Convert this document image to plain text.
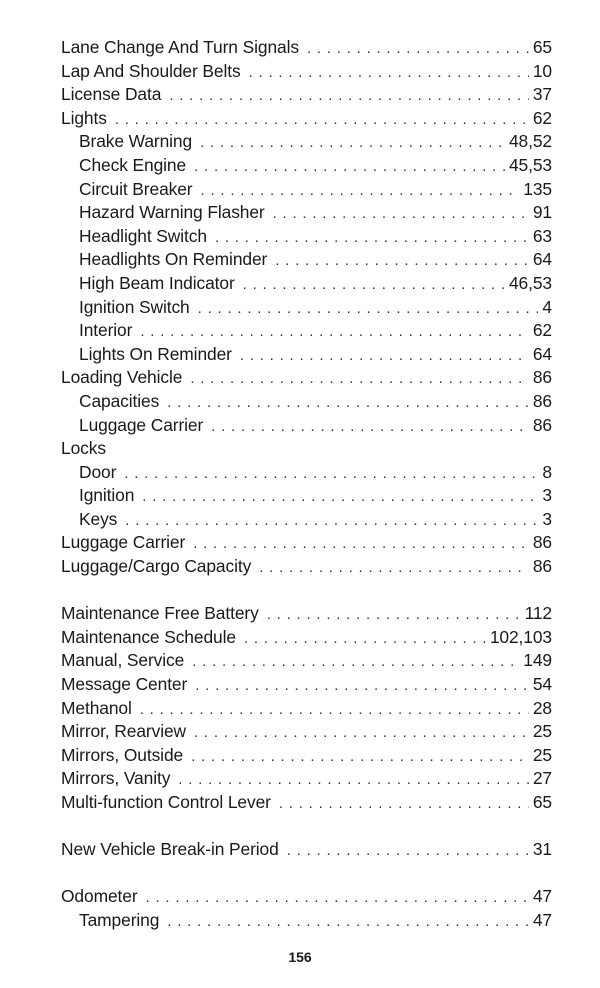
Lane Change And Turn Signals . . .	65
Lap And Shoulder Belts . . .	10
License Data . . .	37
Lights . . .	62
Brake Warning . . .	48,52
Check Engine . . .	45,53
Circuit Breaker . . .	135
Hazard Warning Flasher . . .	91
Headlight Switch . . .	63
Headlights On Reminder . . .	64
High Beam Indicator . . .	46,53
Ignition Switch . . .	4
Interior . . .	62
Lights On Reminder . . .	64
Loading Vehicle . . .	86
Capacities . . .	86
Luggage Carrier . . .	86
Locks
Door . . .	8
Ignition . . .	3
Keys . . .	3
Luggage Carrier . . .	86
Luggage/Cargo Capacity . . .	86
Maintenance Free Battery . . .	112
Maintenance Schedule . . .	102,103
Manual, Service . . .	149
Message Center . . .	54
Methanol . . .	28
Mirror, Rearview . . .	25
Mirrors, Outside . . .	25
Mirrors, Vanity . . .	27
Multi-function Control Lever . . .	65
New Vehicle Break-in Period . . .	31
Odometer . . .	47
Tampering . . .	47
156
